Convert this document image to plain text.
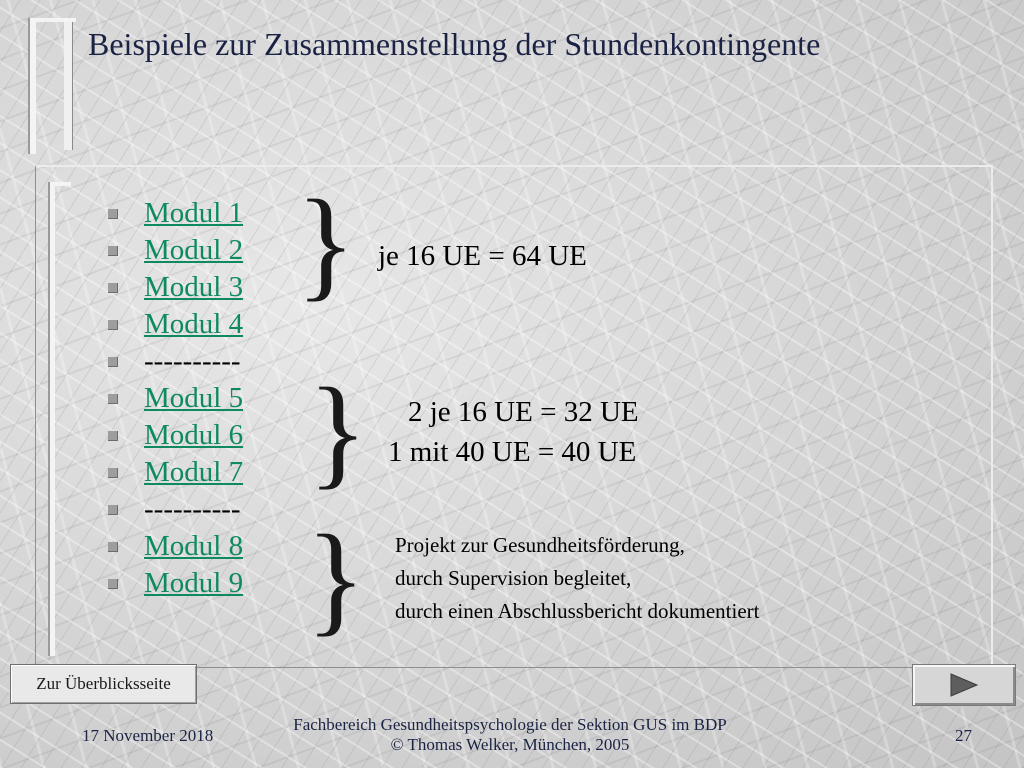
Beispiele zur Zusammenstellung der Stundenkontingente
Modul 1
Modul 2
Modul 3
Modul 4
----------
Modul 5
Modul 6
Modul 7
----------
Modul 8
Modul 9
}
}
}
je 16 UE = 64 UE
2 je 16 UE = 32 UE
1 mit 40 UE = 40 UE
Projekt zur Gesundheitsförderung,
durch Supervision begleitet,
durch einen Abschlussbericht dokumentiert
Zur Überblicksseite
17 November 2018
Fachbereich Gesundheitspsychologie der Sektion GUS im BDP
© Thomas Welker, München, 2005	27
